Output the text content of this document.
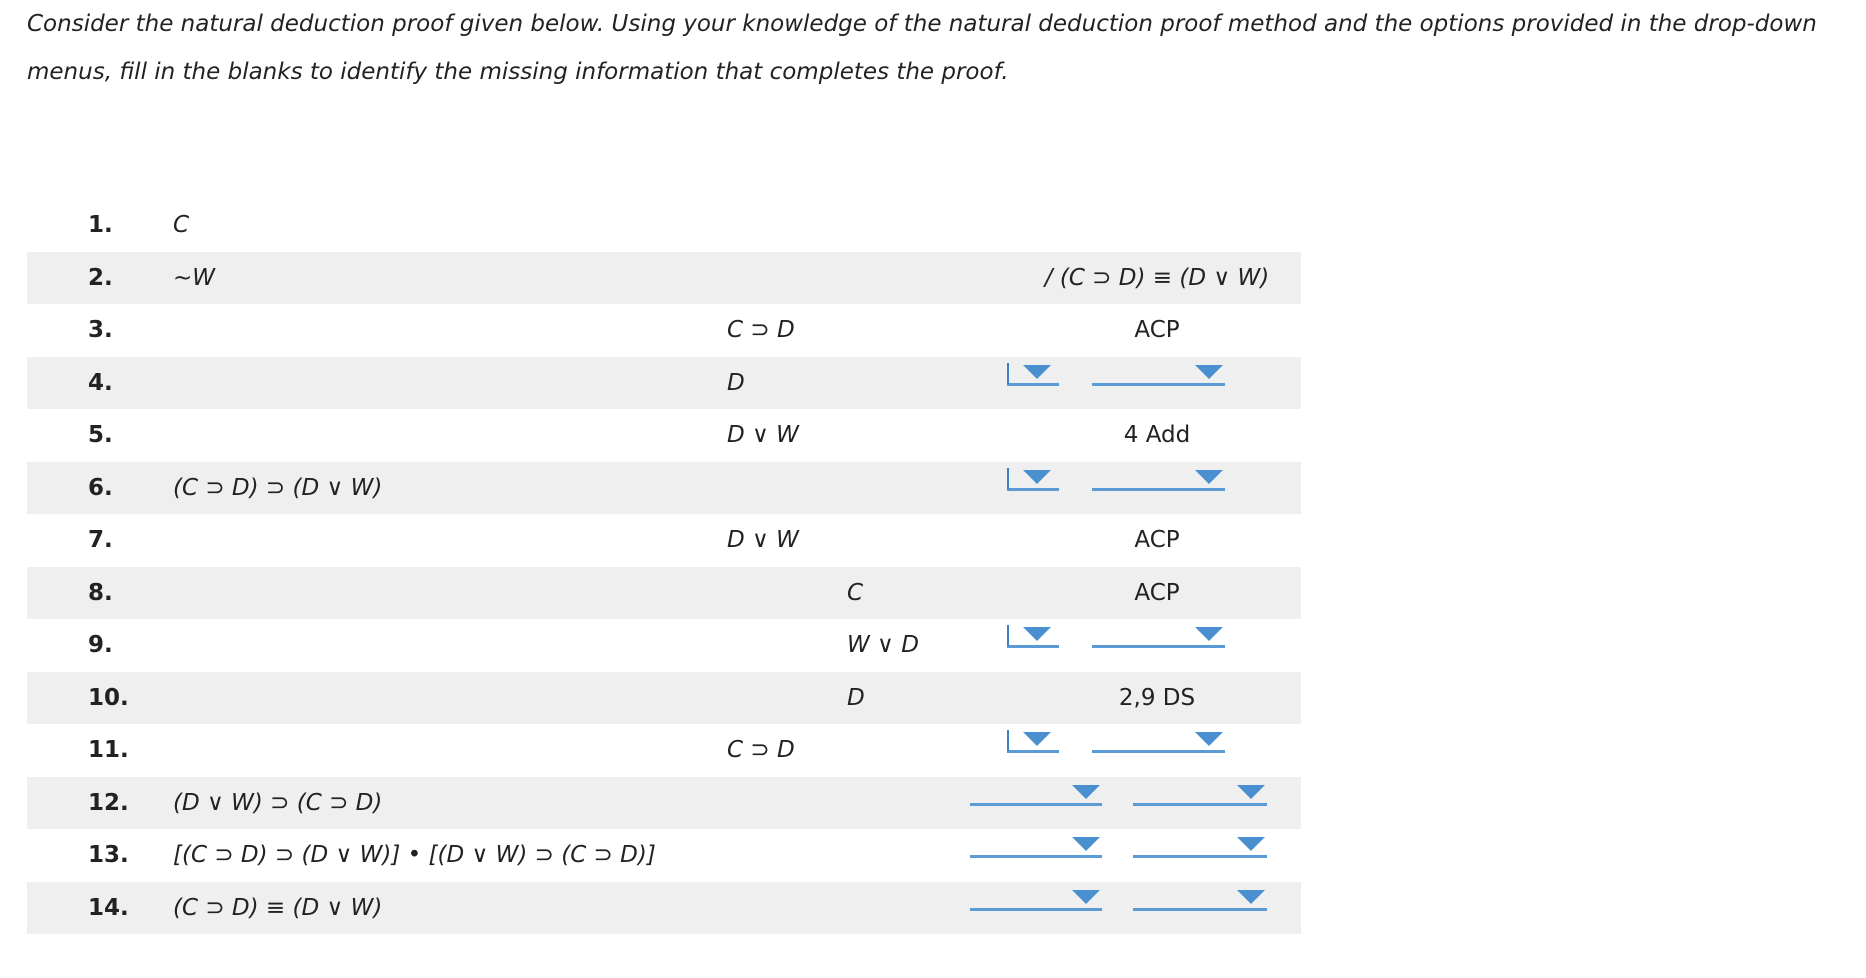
Consider the natural deduction proof given below. Using your knowledge of the natural deduction proof method and the options provided in the drop-down menus, fill in the blanks to identify the missing information that completes the proof.

1.	C
2.	~W	/ (C ⊃ D) ≡ (D ∨ W)
3.	C ⊃ D	ACP
4.	D
5.	D ∨ W	4 Add
6.	(C ⊃ D) ⊃ (D ∨ W)
7.	D ∨ W	ACP
8.	C	ACP
9.	W ∨ D
10.	D	2,9 DS
11.	C ⊃ D
12. (D ∨ W) ⊃ (C ⊃ D)
13. [(C ⊃ D) ⊃ (D ∨ W)] • [(D ∨ W) ⊃ (C ⊃ D)]
14. (C ⊃ D) ≡ (D ∨ W)
